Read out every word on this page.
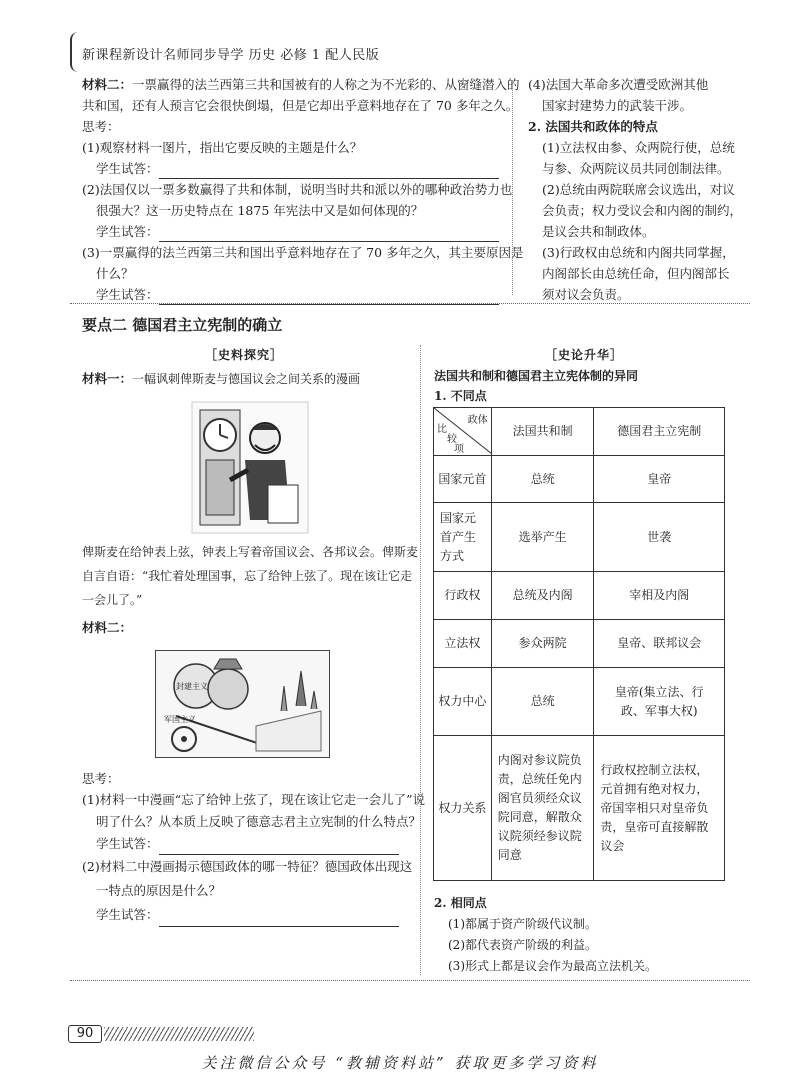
新课程新设计名师同步导学 历史 必修 1 配人民版
材料二：一票赢得的法兰西第三共和国被有的人称之为不光彩的、从窗缝潜入的
共和国，还有人预言它会很快倒塌，但是它却出乎意料地存在了 70 多年之久。
思考：
(1)观察材料一图片，指出它要反映的主题是什么？
学生试答：
(2)法国仅以一票多数赢得了共和体制，说明当时共和派以外的哪种政治势力也
很强大？这一历史特点在 1875 年宪法中又是如何体现的？
学生试答：
(3)一票赢得的法兰西第三共和国出乎意料地存在了 70 多年之久，其主要原因是
什么？
学生试答：
(4)法国大革命多次遭受欧洲其他
国家封建势力的武装干涉。
2. 法国共和政体的特点
(1)立法权由参、众两院行使，总统
与参、众两院议员共同创制法律。
(2)总统由两院联席会议选出，对议
会负责；权力受议会和内阁的制约，
是议会共和制政体。
(3)行政权由总统和内阁共同掌握，
内阁部长由总统任命，但内阁部长
须对议会负责。
要点二 德国君主立宪制的确立
［史料探究］
材料一：一幅讽刺俾斯麦与德国议会之间关系的漫画
俾斯麦在给钟表上弦，钟表上写着帝国议会、各邦议会。俾斯麦
自言自语：“我忙着处理国事，忘了给钟上弦了。现在该让它走
一会儿了。”
材料二：
封建主义
军国主义
思考：
(1)材料一中漫画“忘了给钟上弦了，现在该让它走一会儿了”说
明了什么？从本质上反映了德意志君主立宪制的什么特点？
学生试答：
(2)材料二中漫画揭示德国政体的哪一特征？德国政体出现这
一特点的原因是什么？
学生试答：
［史论升华］
法国共和制和德国君主立宪体制的异同
1. 不同点
政体
比
较
项	法国共和制	德国君主立宪制
国家元首	总统	皇帝
国家元首产生方式	选举产生	世袭
行政权	总统及内阁	宰相及内阁
立法权	参众两院	皇帝、联邦议会
权力中心	总统	皇帝(集立法、行政、军事大权)
权力关系	内阁对参议院负责，总统任免内阁官员须经众议院同意，解散众议院须经参议院同意	行政权控制立法权，元首拥有绝对权力，帝国宰相只对皇帝负责，皇帝可直接解散议会
2. 相同点
(1)都属于资产阶级代议制。
(2)都代表资产阶级的利益。
(3)形式上都是议会作为最高立法机关。
90
关注微信公众号 “教辅资料站” 获取更多学习资料
